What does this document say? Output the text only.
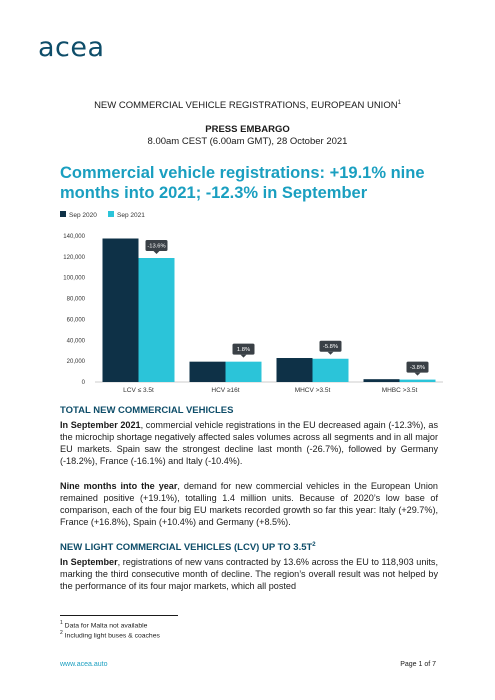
acea
NEW COMMERCIAL VEHICLE REGISTRATIONS, EUROPEAN UNION$^1$
PRESS EMBARGO
8.00am CEST (6.00am GMT), 28 October 2021
Commercial vehicle registrations: +19.1% nine months into 2021; -12.3% in September
Sep 2020	Sep 2021
0
20,000
40,000
60,000
80,000
100,000
120,000
140,000
-13.6%
LCV ≤ 3.5t
1.8%
HCV ≥16t
-5.8%
MHCV >3.5t
-3.8%
MHBC >3.5t
TOTAL NEW COMMERCIAL VEHICLES
In September 2021, commercial vehicle registrations in the EU decreased again (-12.3%), as the microchip shortage negatively affected sales volumes across all segments and in all major EU markets. Spain saw the strongest decline last month (-26.7%), followed by Germany (-18.2%), France (-16.1%) and Italy (-10.4%).
Nine months into the year, demand for new commercial vehicles in the European Union remained positive (+19.1%), totalling 1.4 million units. Because of 2020’s low base of comparison, each of the four big EU markets recorded growth so far this year: Italy (+29.7%), France (+16.8%), Spain (+10.4%) and Germany (+8.5%).
NEW LIGHT COMMERCIAL VEHICLES (LCV) UP TO $3.5T^2$
In September, registrations of new vans contracted by 13.6% across the EU to 118,903 units, marking the third consecutive month of decline. The region’s overall result was not helped by the performance of its four major markets, which all posted
$^1$ Data for Malta not available
$^2$ Including light buses & coaches
www.acea.auto	Page 1 of 7
